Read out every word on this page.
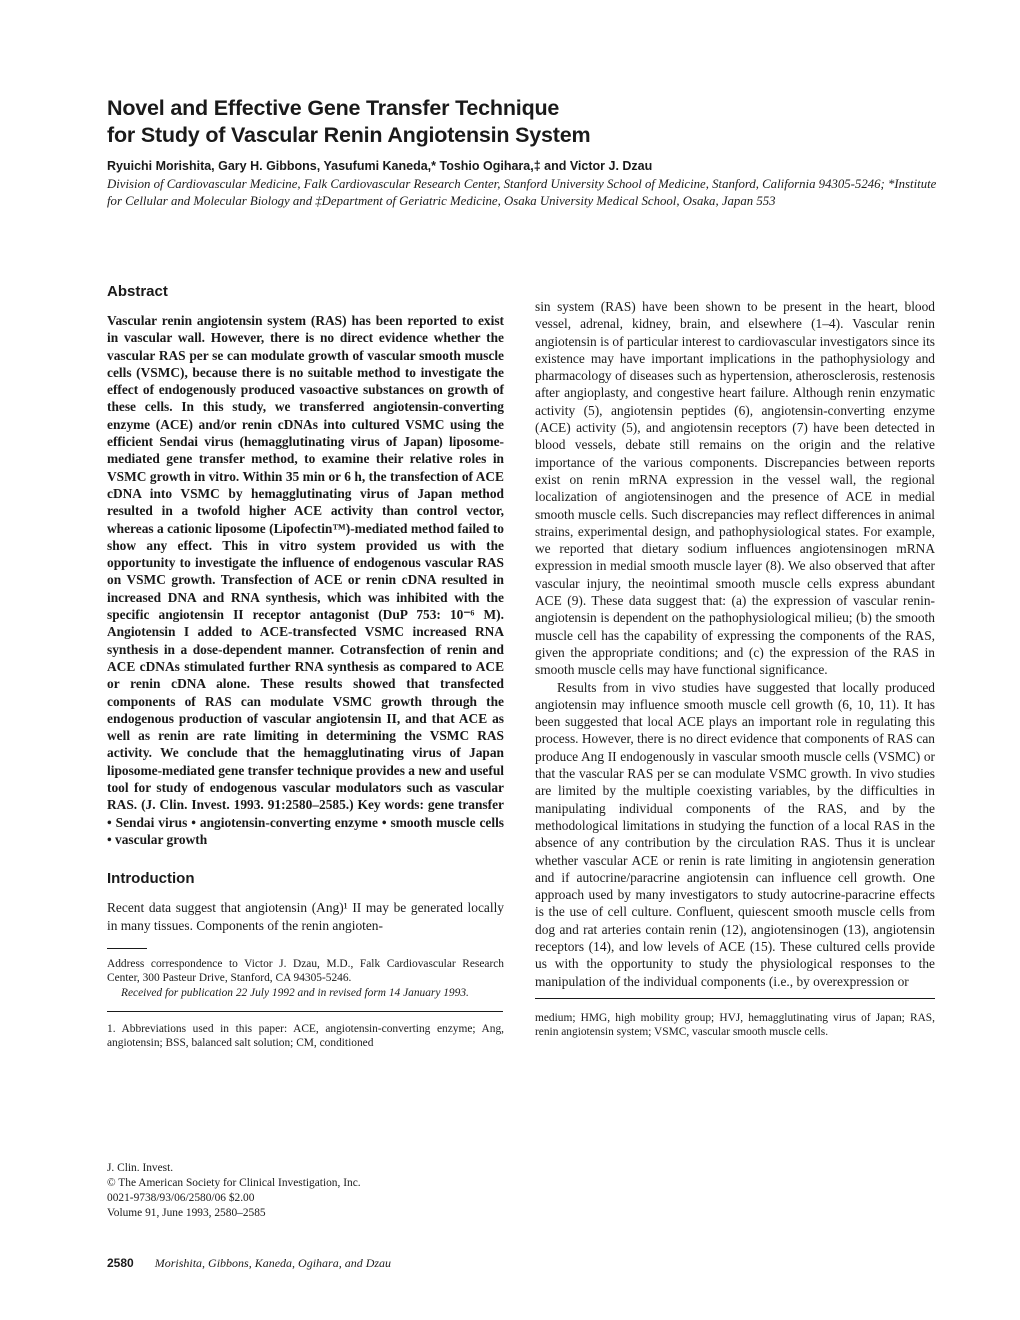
Novel and Effective Gene Transfer Technique
for Study of Vascular Renin Angiotensin System

Ryuichi Morishita, Gary H. Gibbons, Yasufumi Kaneda,* Toshio Ogihara,‡ and Victor J. Dzau

Division of Cardiovascular Medicine, Falk Cardiovascular Research Center, Stanford University School of Medicine, Stanford, California 94305-5246; *Institute for Cellular and Molecular Biology and ‡Department of Geriatric Medicine, Osaka University Medical School, Osaka, Japan 553

Abstract

Vascular renin angiotensin system (RAS) has been reported to exist in vascular wall. However, there is no direct evidence whether the vascular RAS per se can modulate growth of vascular smooth muscle cells (VSMC), because there is no suitable method to investigate the effect of endogenously produced vasoactive substances on growth of these cells. In this study, we transferred angiotensin-converting enzyme (ACE) and/or renin cDNAs into cultured VSMC using the efficient Sendai virus (hemagglutinating virus of Japan) liposome-mediated gene transfer method, to examine their relative roles in VSMC growth in vitro. Within 35 min or 6 h, the transfection of ACE cDNA into VSMC by hemagglutinating virus of Japan method resulted in a twofold higher ACE activity than control vector, whereas a cationic liposome (Lipofectin™)-mediated method failed to show any effect. This in vitro system provided us with the opportunity to investigate the influence of endogenous vascular RAS on VSMC growth. Transfection of ACE or renin cDNA resulted in increased DNA and RNA synthesis, which was inhibited with the specific angiotensin II receptor antagonist (DuP 753: 10⁻⁶ M). Angiotensin I added to ACE-transfected VSMC increased RNA synthesis in a dose-dependent manner. Cotransfection of renin and ACE cDNAs stimulated further RNA synthesis as compared to ACE or renin cDNA alone. These results showed that transfected components of RAS can modulate VSMC growth through the endogenous production of vascular angiotensin II, and that ACE as well as renin are rate limiting in determining the VSMC RAS activity. We conclude that the hemagglutinating virus of Japan liposome-mediated gene transfer technique provides a new and useful tool for study of endogenous vascular modulators such as vascular RAS. (J. Clin. Invest. 1993. 91:2580–2585.) Key words: gene transfer • Sendai virus • angiotensin-converting enzyme • smooth muscle cells • vascular growth

Introduction

Recent data suggest that angiotensin (Ang)¹ II may be generated locally in many tissues. Components of the renin angioten-

Address correspondence to Victor J. Dzau, M.D., Falk Cardiovascular Research Center, 300 Pasteur Drive, Stanford, CA 94305-5246.

Received for publication 22 July 1992 and in revised form 14 January 1993.

1. Abbreviations used in this paper: ACE, angiotensin-converting enzyme; Ang, angiotensin; BSS, balanced salt solution; CM, conditioned

sin system (RAS) have been shown to be present in the heart, blood vessel, adrenal, kidney, brain, and elsewhere (1–4). Vascular renin angiotensin is of particular interest to cardiovascular investigators since its existence may have important implications in the pathophysiology and pharmacology of diseases such as hypertension, atherosclerosis, restenosis after angioplasty, and congestive heart failure. Although renin enzymatic activity (5), angiotensin peptides (6), angiotensin-converting enzyme (ACE) activity (5), and angiotensin receptors (7) have been detected in blood vessels, debate still remains on the origin and the relative importance of the various components. Discrepancies between reports exist on renin mRNA expression in the vessel wall, the regional localization of angiotensinogen and the presence of ACE in medial smooth muscle cells. Such discrepancies may reflect differences in animal strains, experimental design, and pathophysiological states. For example, we reported that dietary sodium influences angiotensinogen mRNA expression in medial smooth muscle layer (8). We also observed that after vascular injury, the neointimal smooth muscle cells express abundant ACE (9). These data suggest that: (a) the expression of vascular renin-angiotensin is dependent on the pathophysiological milieu; (b) the smooth muscle cell has the capability of expressing the components of the RAS, given the appropriate conditions; and (c) the expression of the RAS in smooth muscle cells may have functional significance.

Results from in vivo studies have suggested that locally produced angiotensin may influence smooth muscle cell growth (6, 10, 11). It has been suggested that local ACE plays an important role in regulating this process. However, there is no direct evidence that components of RAS can produce Ang II endogenously in vascular smooth muscle cells (VSMC) or that the vascular RAS per se can modulate VSMC growth. In vivo studies are limited by the multiple coexisting variables, by the difficulties in manipulating individual components of the RAS, and by the methodological limitations in studying the function of a local RAS in the absence of any contribution by the circulation RAS. Thus it is unclear whether vascular ACE or renin is rate limiting in angiotensin generation and if autocrine/paracrine angiotensin can influence cell growth. One approach used by many investigators to study autocrine-paracrine effects is the use of cell culture. Confluent, quiescent smooth muscle cells from dog and rat arteries contain renin (12), angiotensinogen (13), angiotensin receptors (14), and low levels of ACE (15). These cultured cells provide us with the opportunity to study the physiological responses to the manipulation of the individual components (i.e., by overexpression or

medium; HMG, high mobility group; HVJ, hemagglutinating virus of Japan; RAS, renin angiotensin system; VSMC, vascular smooth muscle cells.

J. Clin. Invest.
© The American Society for Clinical Investigation, Inc.
0021-9738/93/06/2580/06 $2.00
Volume 91, June 1993, 2580–2585
2580 Morishita, Gibbons, Kaneda, Ogihara, and Dzau
